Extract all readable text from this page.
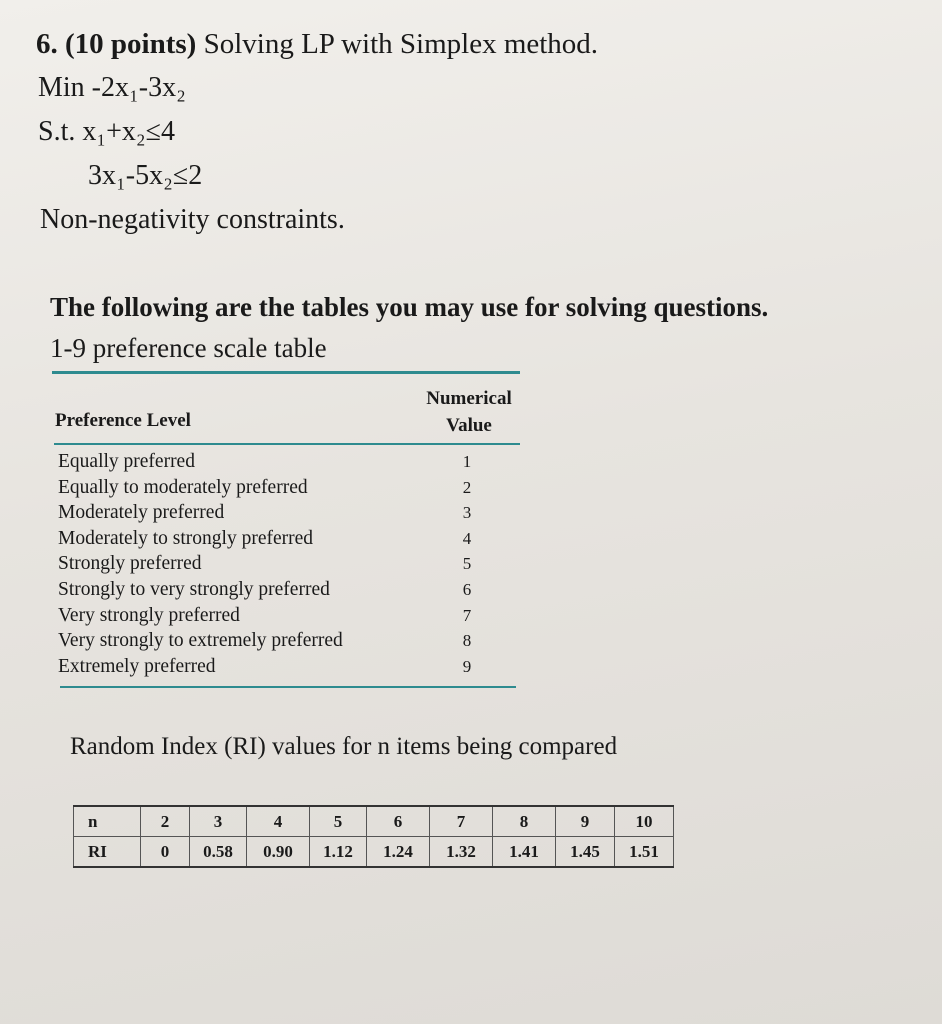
6. (10 points) Solving LP with Simplex method.
Min -2x₁-3x₂
S.t. x₁+x₂≤4
3x₁-5x₂≤2
Non-negativity constraints.
The following are the tables you may use for solving questions.
1-9 preference scale table
Preference Level
Numerical Value
Equally preferred	1
Equally to moderately preferred	2
Moderately preferred	3
Moderately to strongly preferred	4
Strongly preferred	5
Strongly to very strongly preferred	6
Very strongly preferred	7
Very strongly to extremely preferred	8
Extremely preferred	9
Random Index (RI) values for n items being compared
n	2	3	4	5	6	7	8	9	10
RI	0	0.58	0.90	1.12	1.24	1.32	1.41	1.45	1.51
